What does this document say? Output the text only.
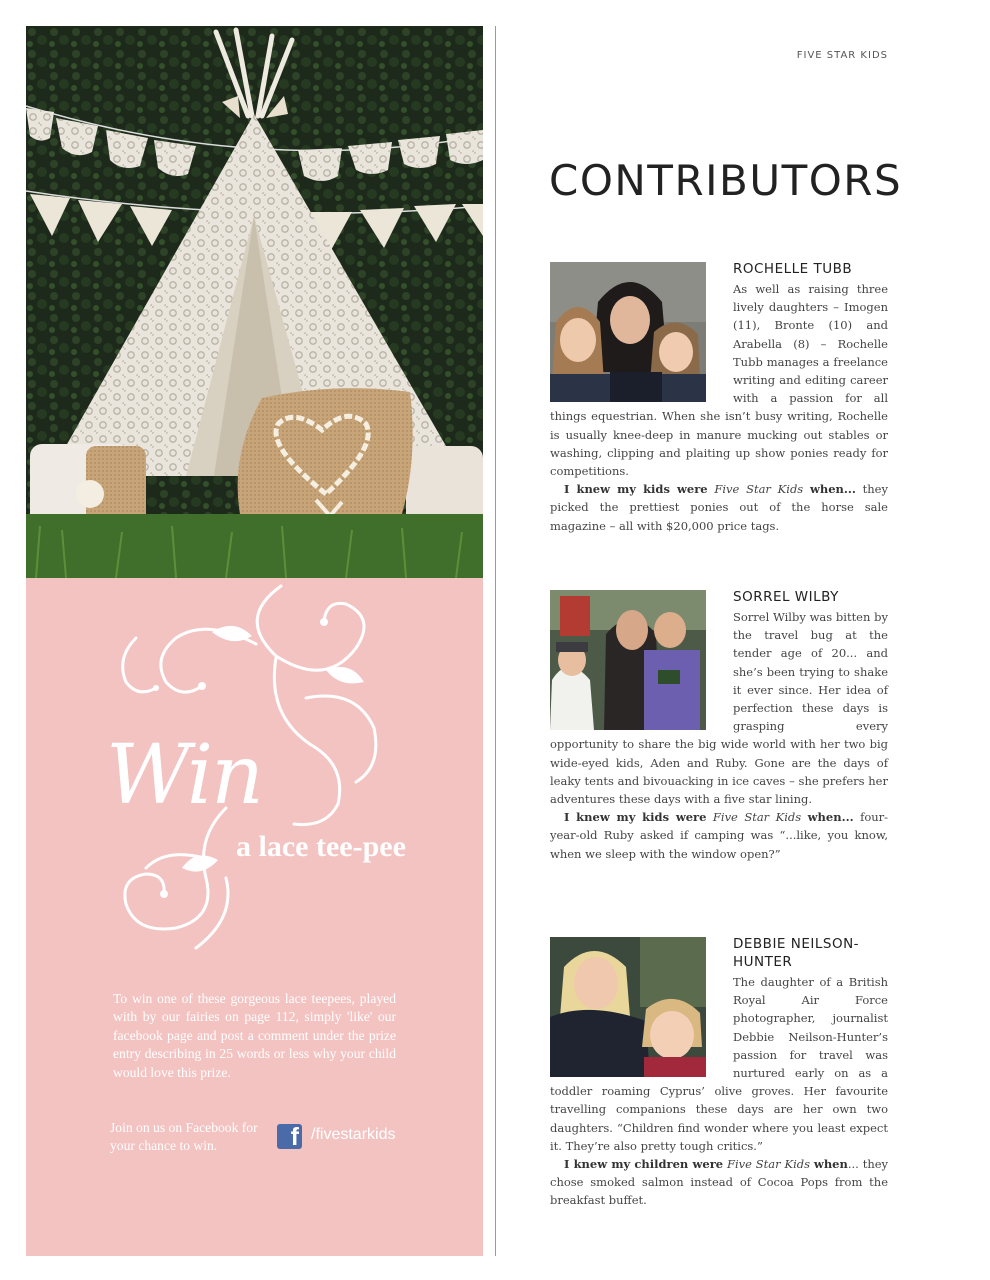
Win
a lace tee-pee
To win one of these gorgeous lace teepees, played with by our fairies on page 112, simply 'like' our facebook page and post a comment under the prize entry describing in 25 words or less why your child would love this prize.
Join on us on Facebook for your chance to win.	f /fivestarkids
FIVE STAR KIDS
CONTRIBUTORS
ROCHELLE TUBB

As well as raising three lively daughters – Imogen (11), Bronte (10) and Arabella (8) – Rochelle Tubb manages a freelance writing and editing career with a passion for all things equestrian. When she isn’t busy writing, Rochelle is usually knee-deep in manure mucking out stables or washing, clipping and plaiting up show ponies ready for competitions.

I knew my kids were Five Star Kids when... they picked the prettiest ponies out of the horse sale magazine – all with $20,000 price tags.

SORREL WILBY

Sorrel Wilby was bitten by the travel bug at the tender age of 20... and she’s been trying to shake it ever since. Her idea of perfection these days is grasping every opportunity to share the big wide world with her two big wide-eyed kids, Aden and Ruby. Gone are the days of leaky tents and bivouacking in ice caves – she prefers her adventures these days with a five star lining.

I knew my kids were Five Star Kids when... four-year-old Ruby asked if camping was “...like, you know, when we sleep with the window open?”

DEBBIE NEILSON-HUNTER

The daughter of a British Royal Air Force photographer, journalist Debbie Neilson-Hunter’s passion for travel was nurtured early on as a toddler roaming Cyprus’ olive groves. Her favourite travelling companions these days are her own two daughters. “Children find wonder where you least expect it. They’re also pretty tough critics.”

I knew my children were Five Star Kids when... they chose smoked salmon instead of Cocoa Pops from the breakfast buffet.
